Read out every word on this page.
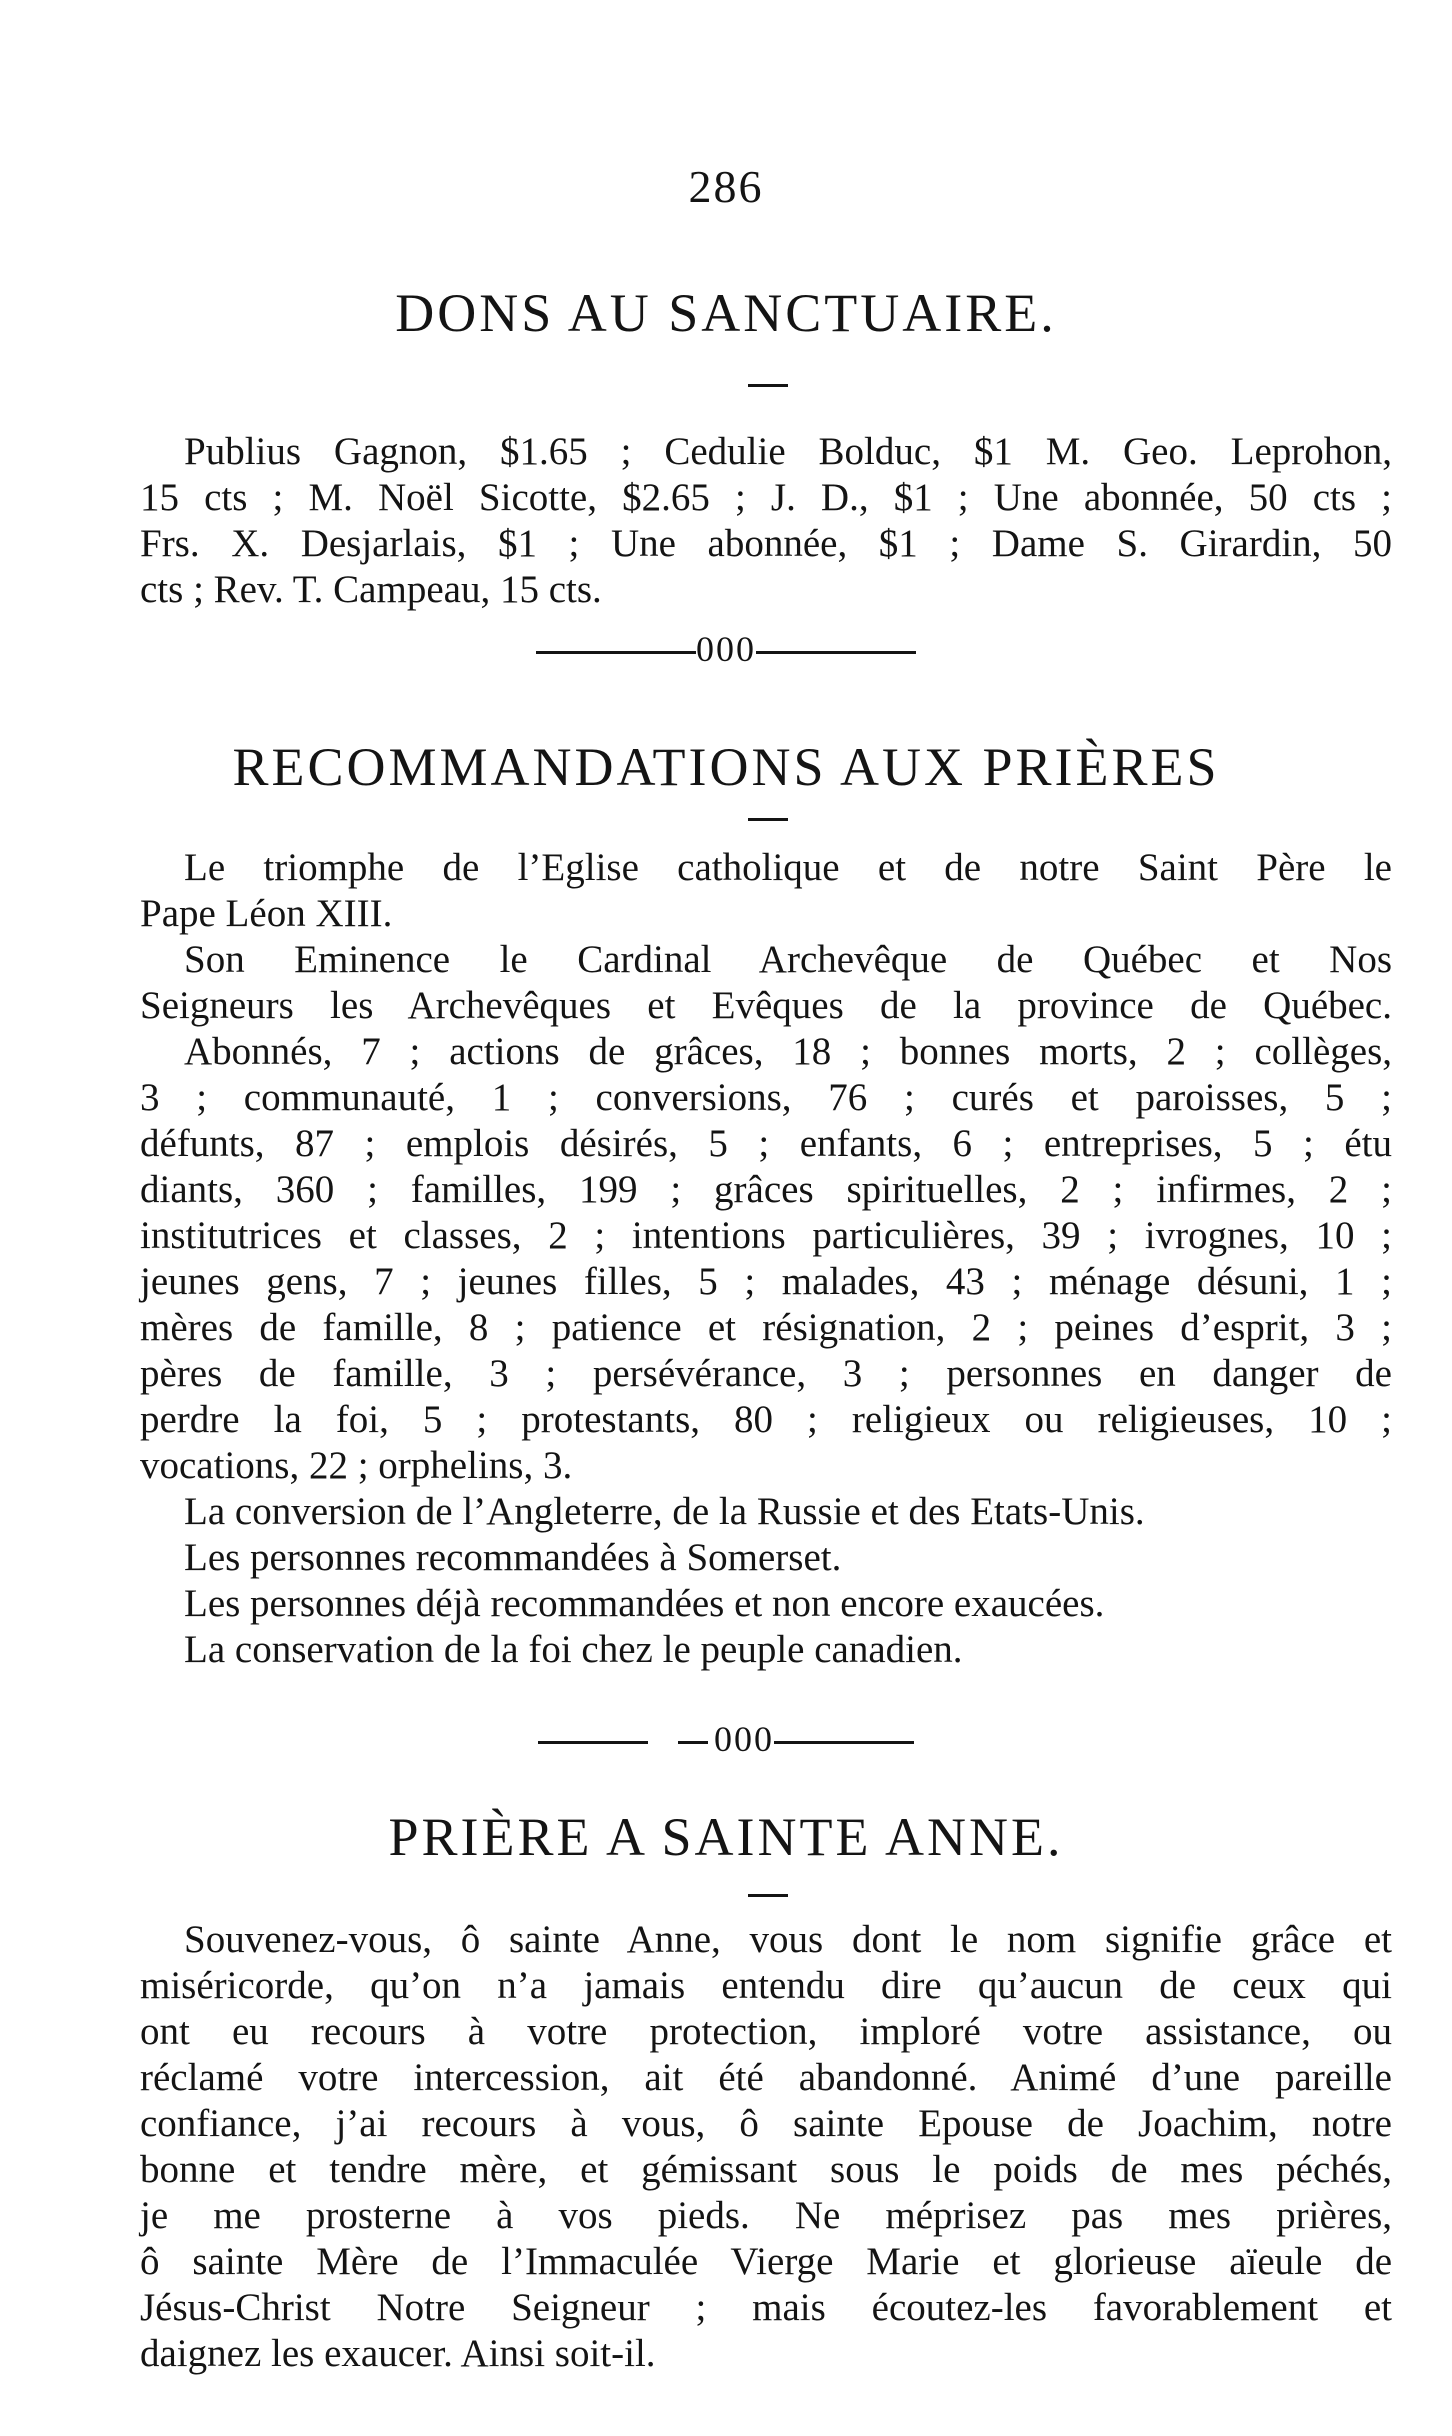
286
DONS AU SANCTUAIRE.
Publius Gagnon, $1.65 ; Cedulie Bolduc, $1 M. Geo. Leprohon,
15 cts ; M. Noël Sicotte, $2.65 ; J. D., $1 ; Une abonnée, 50 cts ;
Frs. X. Desjarlais, $1 ; Une abonnée, $1 ; Dame S. Girardin, 50
cts ; Rev. T. Campeau, 15 cts.
000
RECOMMANDATIONS AUX PRIÈRES
Le triomphe de l’Eglise catholique et de notre Saint Père le
Pape Léon XIII.
Son Eminence le Cardinal Archevêque de Québec et Nos
Seigneurs les Archevêques et Evêques de la province de Québec.
Abonnés, 7 ; actions de grâces, 18 ; bonnes morts, 2 ; collèges,
3 ; communauté, 1 ; conversions, 76 ; curés et paroisses, 5 ;
défunts, 87 ; emplois désirés, 5 ; enfants, 6 ; entreprises, 5 ; étu
diants, 360 ; familles, 199 ; grâces spirituelles, 2 ; infirmes, 2 ;
institutrices et classes, 2 ; intentions particulières, 39 ; ivrognes, 10 ;
jeunes gens, 7 ; jeunes filles, 5 ; malades, 43 ; ménage désuni, 1 ;
mères de famille, 8 ; patience et résignation, 2 ; peines d’esprit, 3 ;
pères de famille, 3 ; persévérance, 3 ; personnes en danger de
perdre la foi, 5 ; protestants, 80 ; religieux ou religieuses, 10 ;
vocations, 22 ; orphelins, 3.
La conversion de l’Angleterre, de la Russie et des Etats-Unis.
Les personnes recommandées à Somerset.
Les personnes déjà recommandées et non encore exaucées.
La conservation de la foi chez le peuple canadien.
000
PRIÈRE A SAINTE ANNE.
Souvenez-vous, ô sainte Anne, vous dont le nom signifie grâce et
miséricorde, qu’on n’a jamais entendu dire qu’aucun de ceux qui
ont eu recours à votre protection, imploré votre assistance, ou
réclamé votre intercession, ait été abandonné. Animé d’une pareille
confiance, j’ai recours à vous, ô sainte Epouse de Joachim, notre
bonne et tendre mère, et gémissant sous le poids de mes péchés,
je me prosterne à vos pieds. Ne méprisez pas mes prières,
ô sainte Mère de l’Immaculée Vierge Marie et glorieuse aïeule de
Jésus-Christ Notre Seigneur ; mais écoutez-les favorablement et
daignez les exaucer. Ainsi soit-il.
